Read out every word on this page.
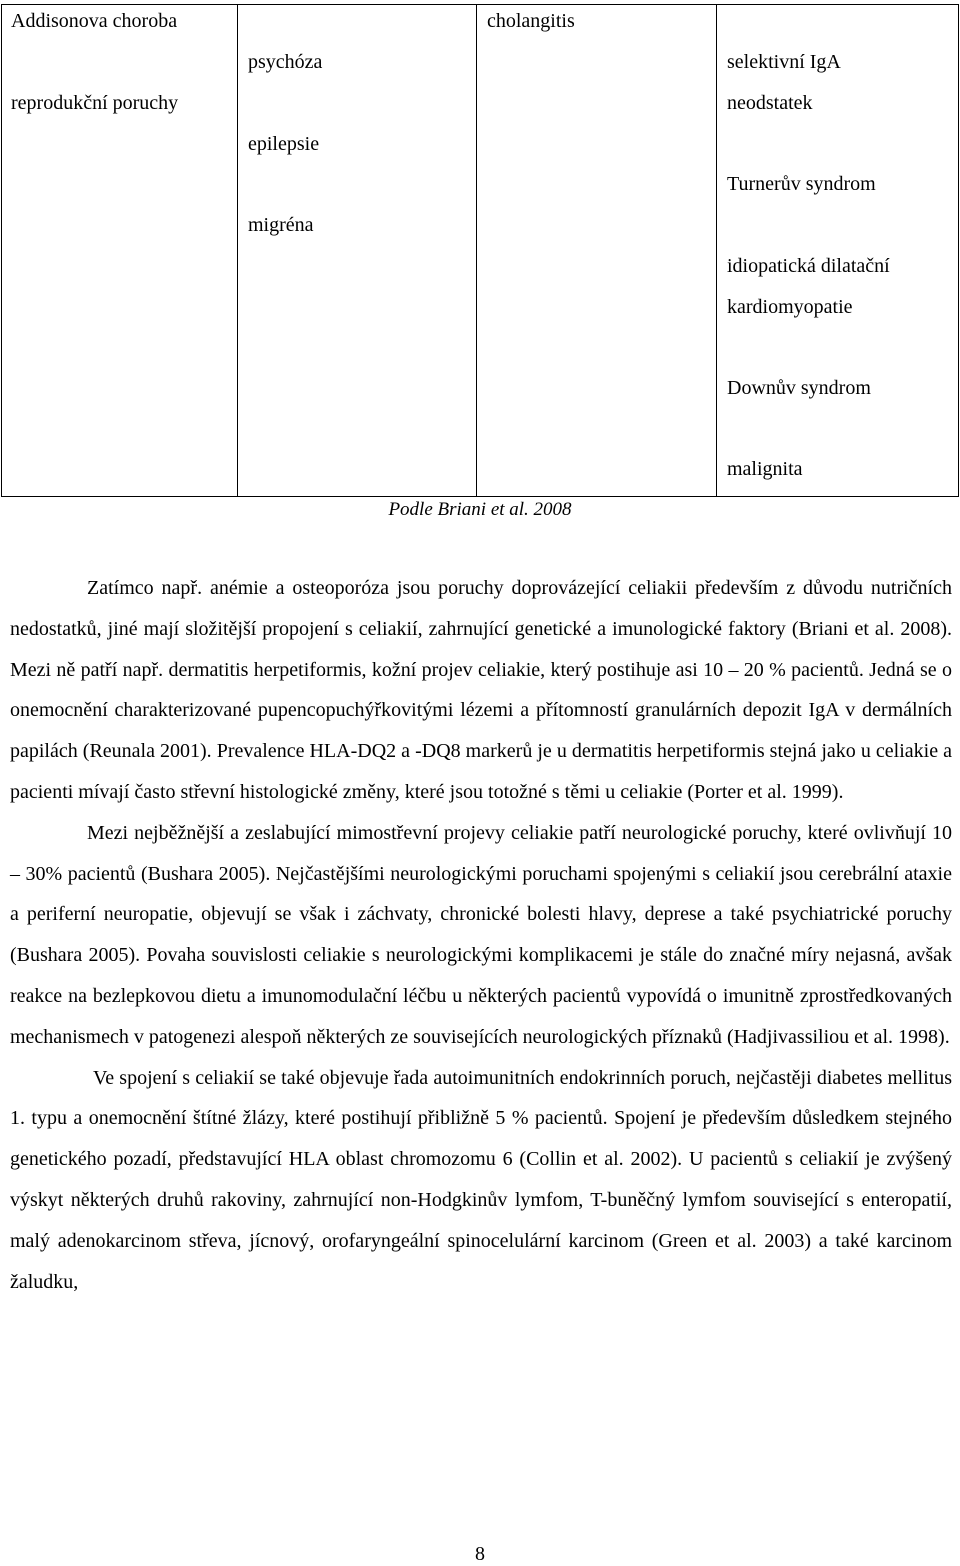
Addisonova choroba
reprodukční poruchy
psychóza
epilepsie
migréna
cholangitis
selektivní IgA
neodstatek
Turnerův syndrom
idiopatická dilatační
kardiomyopatie
Downův syndrom
malignita
Podle Briani et al. 2008

Zatímco např. anémie a osteoporóza jsou poruchy doprovázející celiakii především z důvodu nutričních nedostatků, jiné mají složitější propojení s celiakií, zahrnující genetické a imunologické faktory (Briani et al. 2008). Mezi ně patří např. dermatitis herpetiformis, kožní projev celiakie, který postihuje asi 10 – 20 % pacientů. Jedná se o onemocnění charakterizované pupencopuchýřkovitými lézemi a přítomností granulárních depozit IgA v dermálních papilách (Reunala 2001). Prevalence HLA-DQ2 a -DQ8 markerů je u dermatitis herpetiformis stejná jako u celiakie a pacienti mívají často střevní histologické změny, které jsou totožné s těmi u celiakie (Porter et al. 1999).

Mezi nejběžnější a zeslabující mimostřevní projevy celiakie patří neurologické poruchy, které ovlivňují 10 – 30% pacientů (Bushara 2005). Nejčastějšími neurologickými poruchami spojenými s celiakií jsou cerebrální ataxie a periferní neuropatie, objevují se však i záchvaty, chronické bolesti hlavy, deprese a také psychiatrické poruchy (Bushara 2005). Povaha souvislosti celiakie s neurologickými komplikacemi je stále do značné míry nejasná, avšak reakce na bezlepkovou dietu a imunomodulační léčbu u některých pacientů vypovídá o imunitně zprostředkovaných mechanismech v patogenezi alespoň některých ze souvisejících neurologických příznaků (Hadjivassiliou et al. 1998).

Ve spojení s celiakií se také objevuje řada autoimunitních endokrinních poruch, nejčastěji diabetes mellitus 1. typu a onemocnění štítné žlázy, které postihují přibližně 5 % pacientů. Spojení je především důsledkem stejného genetického pozadí, představující HLA oblast chromozomu 6 (Collin et al. 2002). U pacientů s celiakií je zvýšený výskyt některých druhů rakoviny, zahrnující non-Hodgkinův lymfom, T-buněčný lymfom související s enteropatií, malý adenokarcinom střeva, jícnový, orofaryngeální spinocelulární karcinom (Green et al. 2003) a také karcinom žaludku,

8
